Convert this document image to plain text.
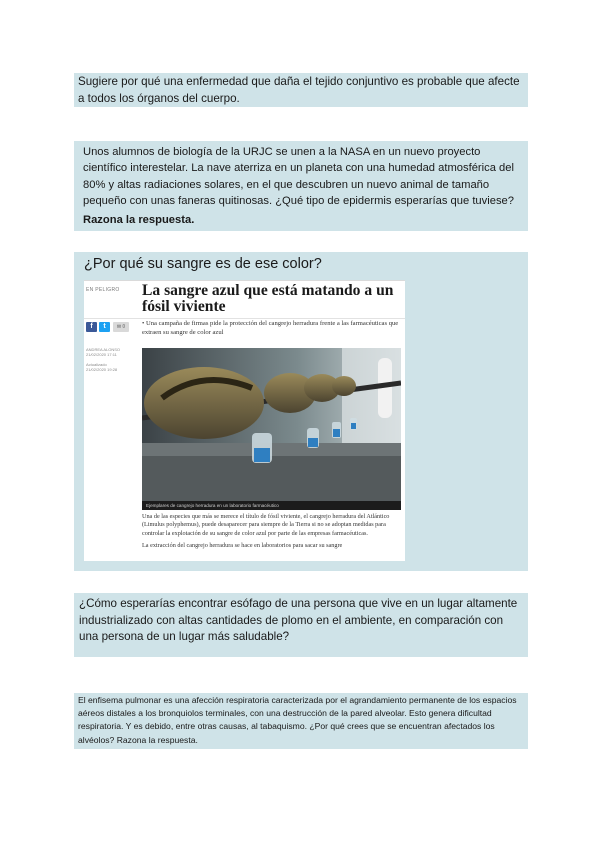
Sugiere por qué una enfermedad que daña el tejido conjuntivo es probable que afecte a todos los órganos del cuerpo.
Unos alumnos de biología de la URJC se unen a la NASA en un nuevo proyecto científico interestelar. La nave aterriza en un planeta con una humedad atmosférica del 80% y altas radiaciones solares, en el que descubren un nuevo animal de tamaño pequeño con unas faneras quitinosas. ¿Qué tipo de epidermis esperarías que tuviese?
Razona la respuesta.
¿Por qué su sangre es de ese color?
EN PELIGRO La sangre azul que está matando a un fósil viviente
f	t	✉ 0	• Una campaña de firmas pide la protección del cangrejo herradura frente a las farmacéuticas que extraen su sangre de color azul
ANDREA ALONSO
21/02/2020 17:11
Actualizado
21/02/2020 19:28
Ejemplares de cangrejo herradura en un laboratorio farmacéutico
Una de las especies que más se merece el título de fósil viviente, el cangrejo herradura del Atlántico (Limulus polyphemus), puede desaparecer para siempre de la Tierra si no se adoptan medidas para controlar la explotación de su sangre de color azul por parte de las empresas farmacéuticas.
La extracción del cangrejo herradura se hace en laboratorios para sacar su sangre
¿Cómo esperarías encontrar esófago de una persona que vive en un lugar altamente industrializado con altas cantidades de plomo en el ambiente, en comparación con una persona de un lugar más saludable?
El enfisema pulmonar es una afección respiratoria caracterizada por el agrandamiento permanente de los espacios aéreos distales a los bronquiolos terminales, con una destrucción de la pared alveolar. Esto genera dificultad respiratoria. Y es debido, entre otras causas, al tabaquismo. ¿Por qué crees que se encuentran afectados los alvéolos? Razona la respuesta.
